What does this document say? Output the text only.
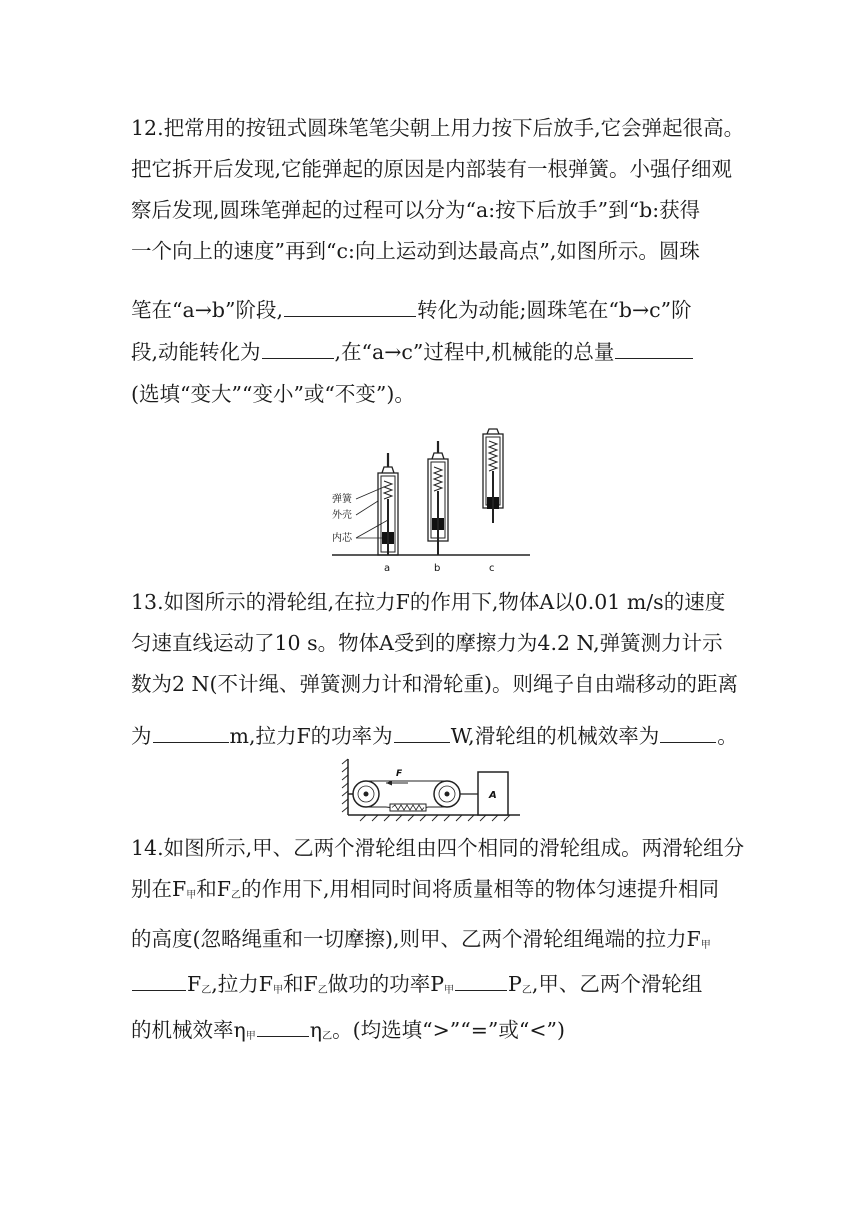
12.把常用的按钮式圆珠笔笔尖朝上用力按下后放手,它会弹起很高。
把它拆开后发现,它能弹起的原因是内部装有一根弹簧。小强仔细观
察后发现,圆珠笔弹起的过程可以分为“a:按下后放手”到“b:获得
一个向上的速度”再到“c:向上运动到达最高点”,如图所示。圆珠
笔在“a→b”阶段,	转化为动能;圆珠笔在“b→c”阶
段,动能转化为	,在“a→c”过程中,机械能的总量
(选填“变大”“变小”或“不变”)。
弹簧
外壳
内芯
a	b	c
13.如图所示的滑轮组,在拉力F的作用下,物体A以0.01 m/s的速度
匀速直线运动了10 s。物体A受到的摩擦力为4.2 N,弹簧测力计示
数为2 N(不计绳、弹簧测力计和滑轮重)。则绳子自由端移动的距离
为	m,拉力F的功率为	W,滑轮组的机械效率为	。
F
A
14.如图所示,甲、乙两个滑轮组由四个相同的滑轮组成。两滑轮组分
别在$F_甲$和$F_乙$的作用下,用相同时间将质量相等的物体匀速提升相同
的高度(忽略绳重和一切摩擦),则甲、乙两个滑轮组绳端的拉力$F_甲$
$F_乙$,拉力$F_甲$和$F_乙$做功的功率$P_甲$	$P_乙$,甲、乙两个滑轮组
的机械效率$\eta_甲$	$\eta_乙$。(均选填“>”“=”或“<”)
